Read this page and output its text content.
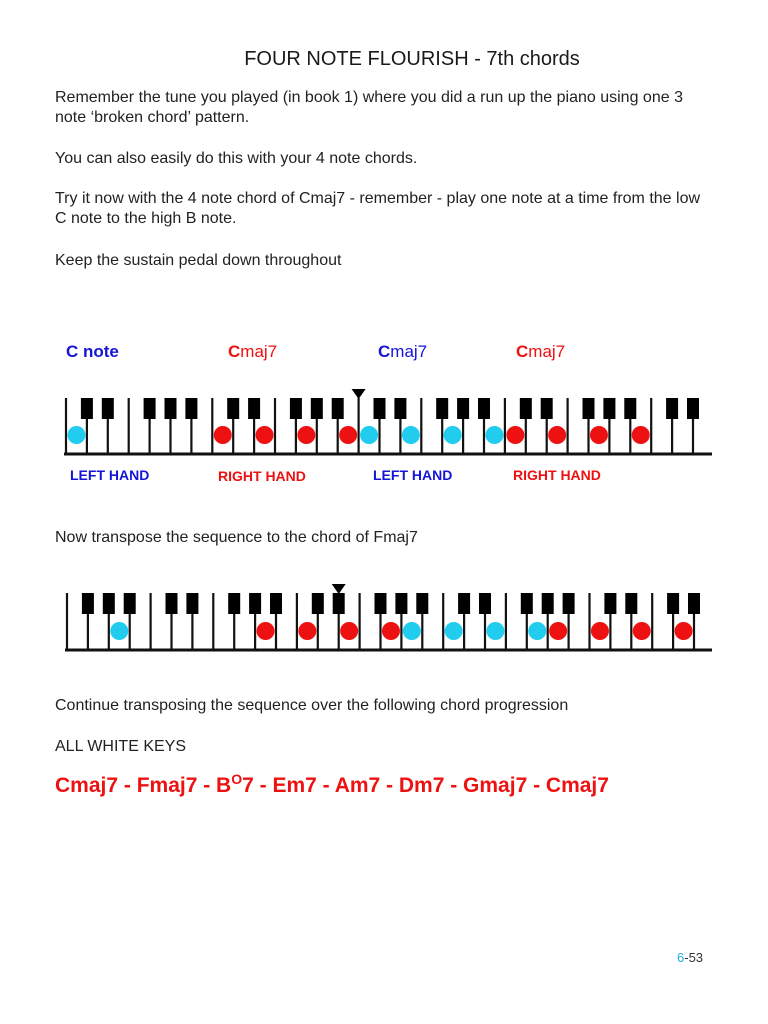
FOUR NOTE FLOURISH - 7th chords

Remember the tune you played (in book 1) where you did a run up the piano using one 3 note ‘broken chord’ pattern.

You can also easily do this with your 4 note chords.

Try it now with the 4 note chord of Cmaj7 - remember - play one note at a time from the low C note to the high B note.

Keep the sustain pedal down throughout

C note	Cmaj7	Cmaj7	Cmaj7
LEFT HAND	RIGHT HAND	LEFT HAND	RIGHT HAND

Now transpose the sequence to the chord of Fmaj7

Continue transposing the sequence over the following chord progression

ALL WHITE KEYS

Cmaj7 - Fmaj7 - $B^O7 - Em7 - Am7 - Dm7$ - Gmaj7 - Cmaj7
6-53
